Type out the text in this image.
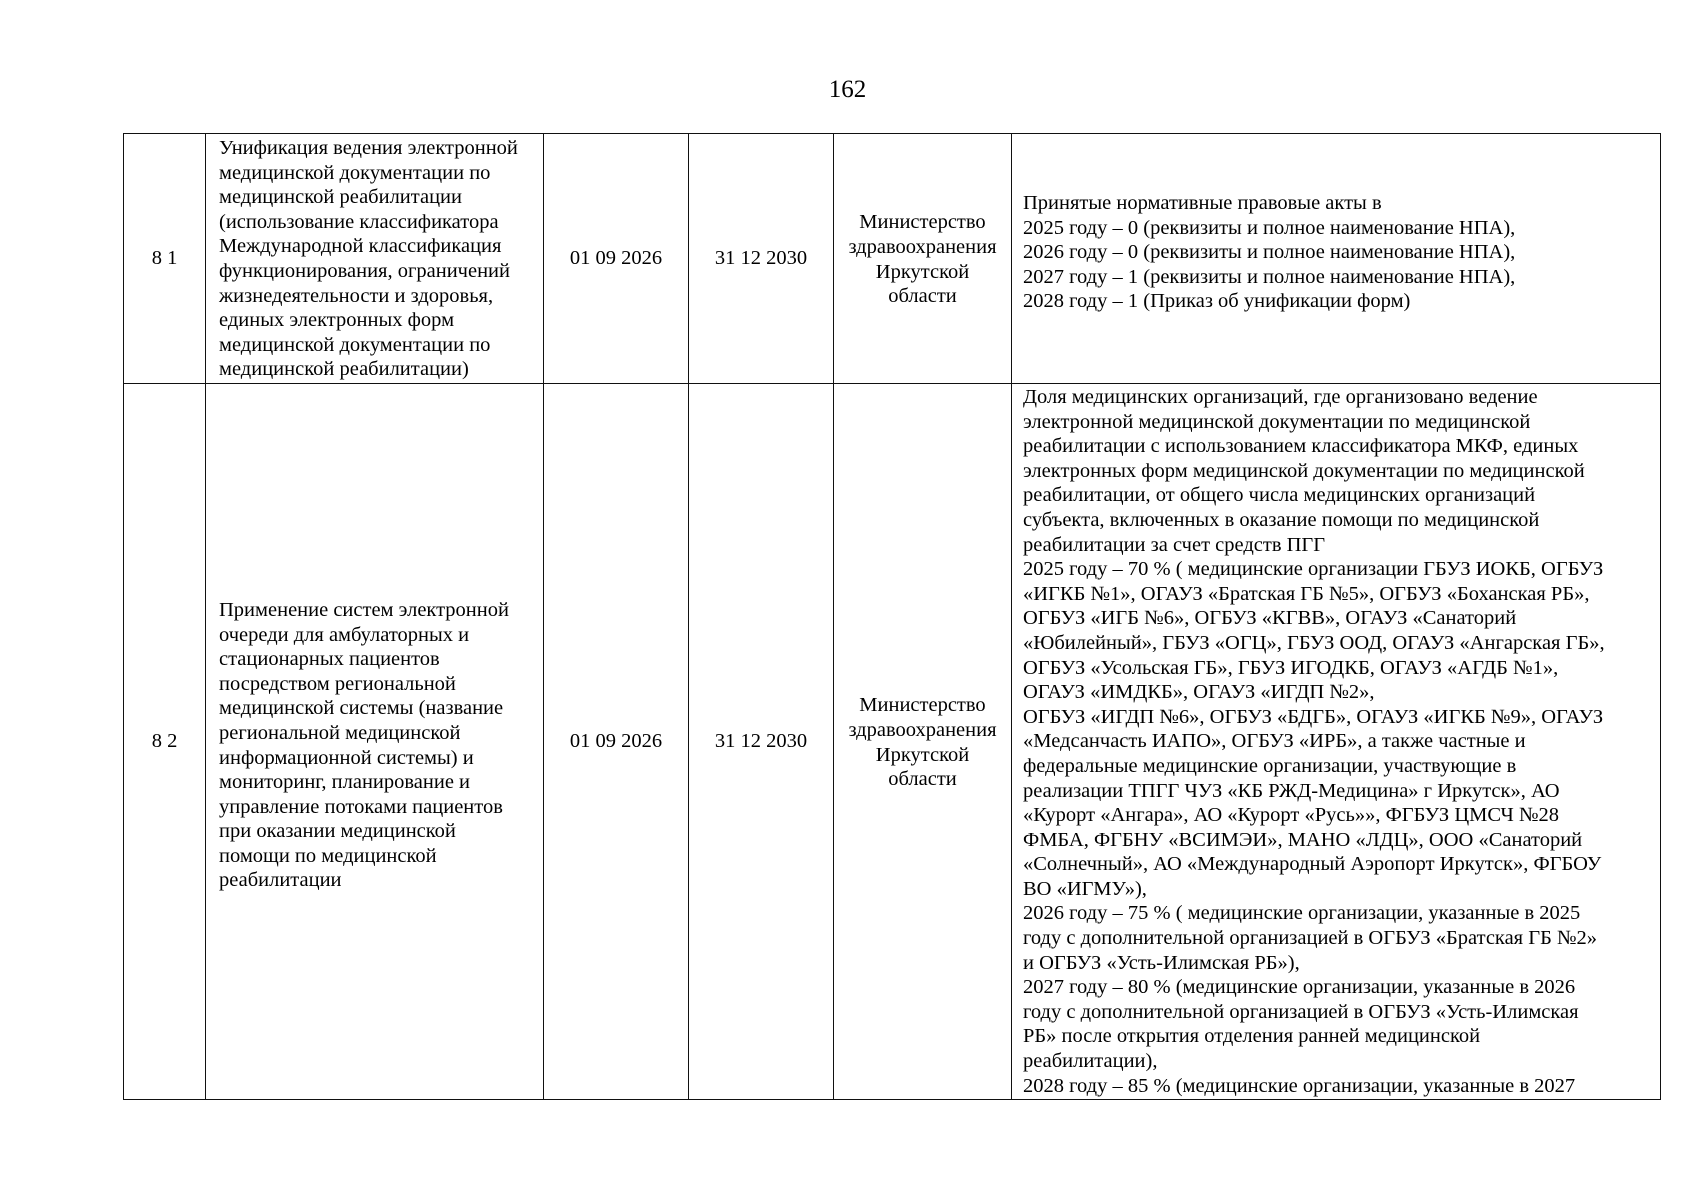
162
8 1
Унификация ведения электронной
медицинской документации по
медицинской реабилитации
(использование классификатора
Международной классификация
функционирования, ограничений
жизнедеятельности и здоровья,
единых электронных форм
медицинской документации по
медицинской реабилитации)
01 09 2026	31 12 2030
Министерство
здравоохранения
Иркутской
области
Принятые нормативные правовые акты в
2025 году – 0 (реквизиты и полное наименование НПА),
2026 году – 0 (реквизиты и полное наименование НПА),
2027 году – 1 (реквизиты и полное наименование НПА),
2028 году – 1 (Приказ об унификации форм)
8 2
Применение систем электронной
очереди для амбулаторных и
стационарных пациентов
посредством региональной
медицинской системы (название
региональной медицинской
информационной системы) и
мониторинг, планирование и
управление потоками пациентов
при оказании медицинской
помощи по медицинской
реабилитации
01 09 2026	31 12 2030
Министерство
здравоохранения
Иркутской
области
Доля медицинских организаций, где организовано ведение
электронной медицинской документации по медицинской
реабилитации с использованием классификатора МКФ, единых
электронных форм медицинской документации по медицинской
реабилитации, от общего числа медицинских организаций
субъекта, включенных в оказание помощи по медицинской
реабилитации за счет средств ПГГ
2025 году – 70 % ( медицинские организации ГБУЗ ИОКБ, ОГБУЗ
«ИГКБ №1», ОГАУЗ «Братская ГБ №5», ОГБУЗ «Боханская РБ»,
ОГБУЗ «ИГБ №6», ОГБУЗ «КГВВ», ОГАУЗ «Санаторий
«Юбилейный», ГБУЗ «ОГЦ», ГБУЗ ООД, ОГАУЗ «Ангарская ГБ»,
ОГБУЗ «Усольская ГБ», ГБУЗ ИГОДКБ, ОГАУЗ «АГДБ №1»,
ОГАУЗ «ИМДКБ», ОГАУЗ «ИГДП №2»,
ОГБУЗ «ИГДП №6», ОГБУЗ «БДГБ», ОГАУЗ «ИГКБ №9», ОГАУЗ
«Медсанчасть ИАПО», ОГБУЗ «ИРБ», а также частные и
федеральные медицинские организации, участвующие в
реализации ТПГГ ЧУЗ «КБ РЖД-Медицина» г Иркутск», АО
«Курорт «Ангара», АО «Курорт «Русь»», ФГБУЗ ЦМСЧ №28
ФМБА, ФГБНУ «ВСИМЭИ», МАНО «ЛДЦ», ООО «Санаторий
«Солнечный», АО «Международный Аэропорт Иркутск», ФГБОУ
ВО «ИГМУ»),
2026 году – 75 % ( медицинские организации, указанные в 2025
году с дополнительной организацией в ОГБУЗ «Братская ГБ №2»
и ОГБУЗ «Усть-Илимская РБ»),
2027 году – 80 % (медицинские организации, указанные в 2026
году с дополнительной организацией в ОГБУЗ «Усть-Илимская
РБ» после открытия отделения ранней медицинской
реабилитации),
2028 году – 85 % (медицинские организации, указанные в 2027
